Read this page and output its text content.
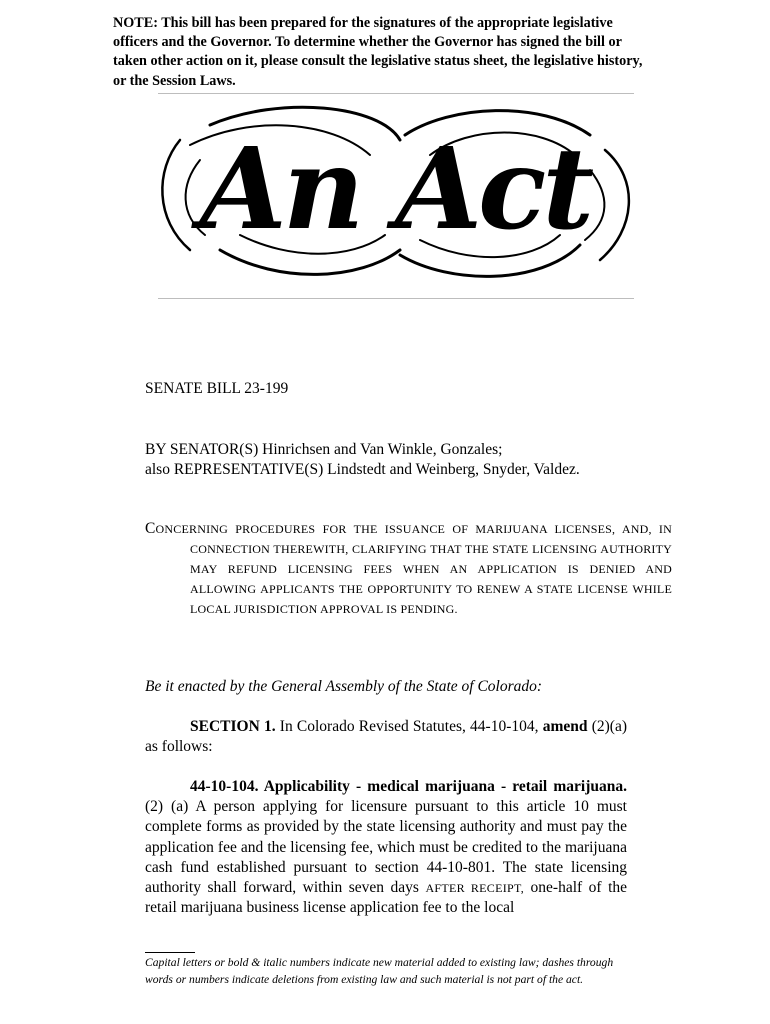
NOTE: This bill has been prepared for the signatures of the appropriate legislative officers and the Governor. To determine whether the Governor has signed the bill or taken other action on it, please consult the legislative status sheet, the legislative history, or the Session Laws.
An Act
SENATE BILL 23-199
BY SENATOR(S) Hinrichsen and Van Winkle, Gonzales;
also REPRESENTATIVE(S) Lindstedt and Weinberg, Snyder, Valdez.
CONCERNING PROCEDURES FOR THE ISSUANCE OF MARIJUANA LICENSES, AND, IN CONNECTION THEREWITH, CLARIFYING THAT THE STATE LICENSING AUTHORITY MAY REFUND LICENSING FEES WHEN AN APPLICATION IS DENIED AND ALLOWING APPLICANTS THE OPPORTUNITY TO RENEW A STATE LICENSE WHILE LOCAL JURISDICTION APPROVAL IS PENDING.
Be it enacted by the General Assembly of the State of Colorado:
SECTION 1. In Colorado Revised Statutes, 44-10-104, amend (2)(a) as follows:
44-10-104. Applicability - medical marijuana - retail marijuana. (2) (a) A person applying for licensure pursuant to this article 10 must complete forms as provided by the state licensing authority and must pay the application fee and the licensing fee, which must be credited to the marijuana cash fund established pursuant to section 44-10-801. The state licensing authority shall forward, within seven days AFTER RECEIPT, one-half of the retail marijuana business license application fee to the local
Capital letters or bold & italic numbers indicate new material added to existing law; dashes through words or numbers indicate deletions from existing law and such material is not part of the act.
